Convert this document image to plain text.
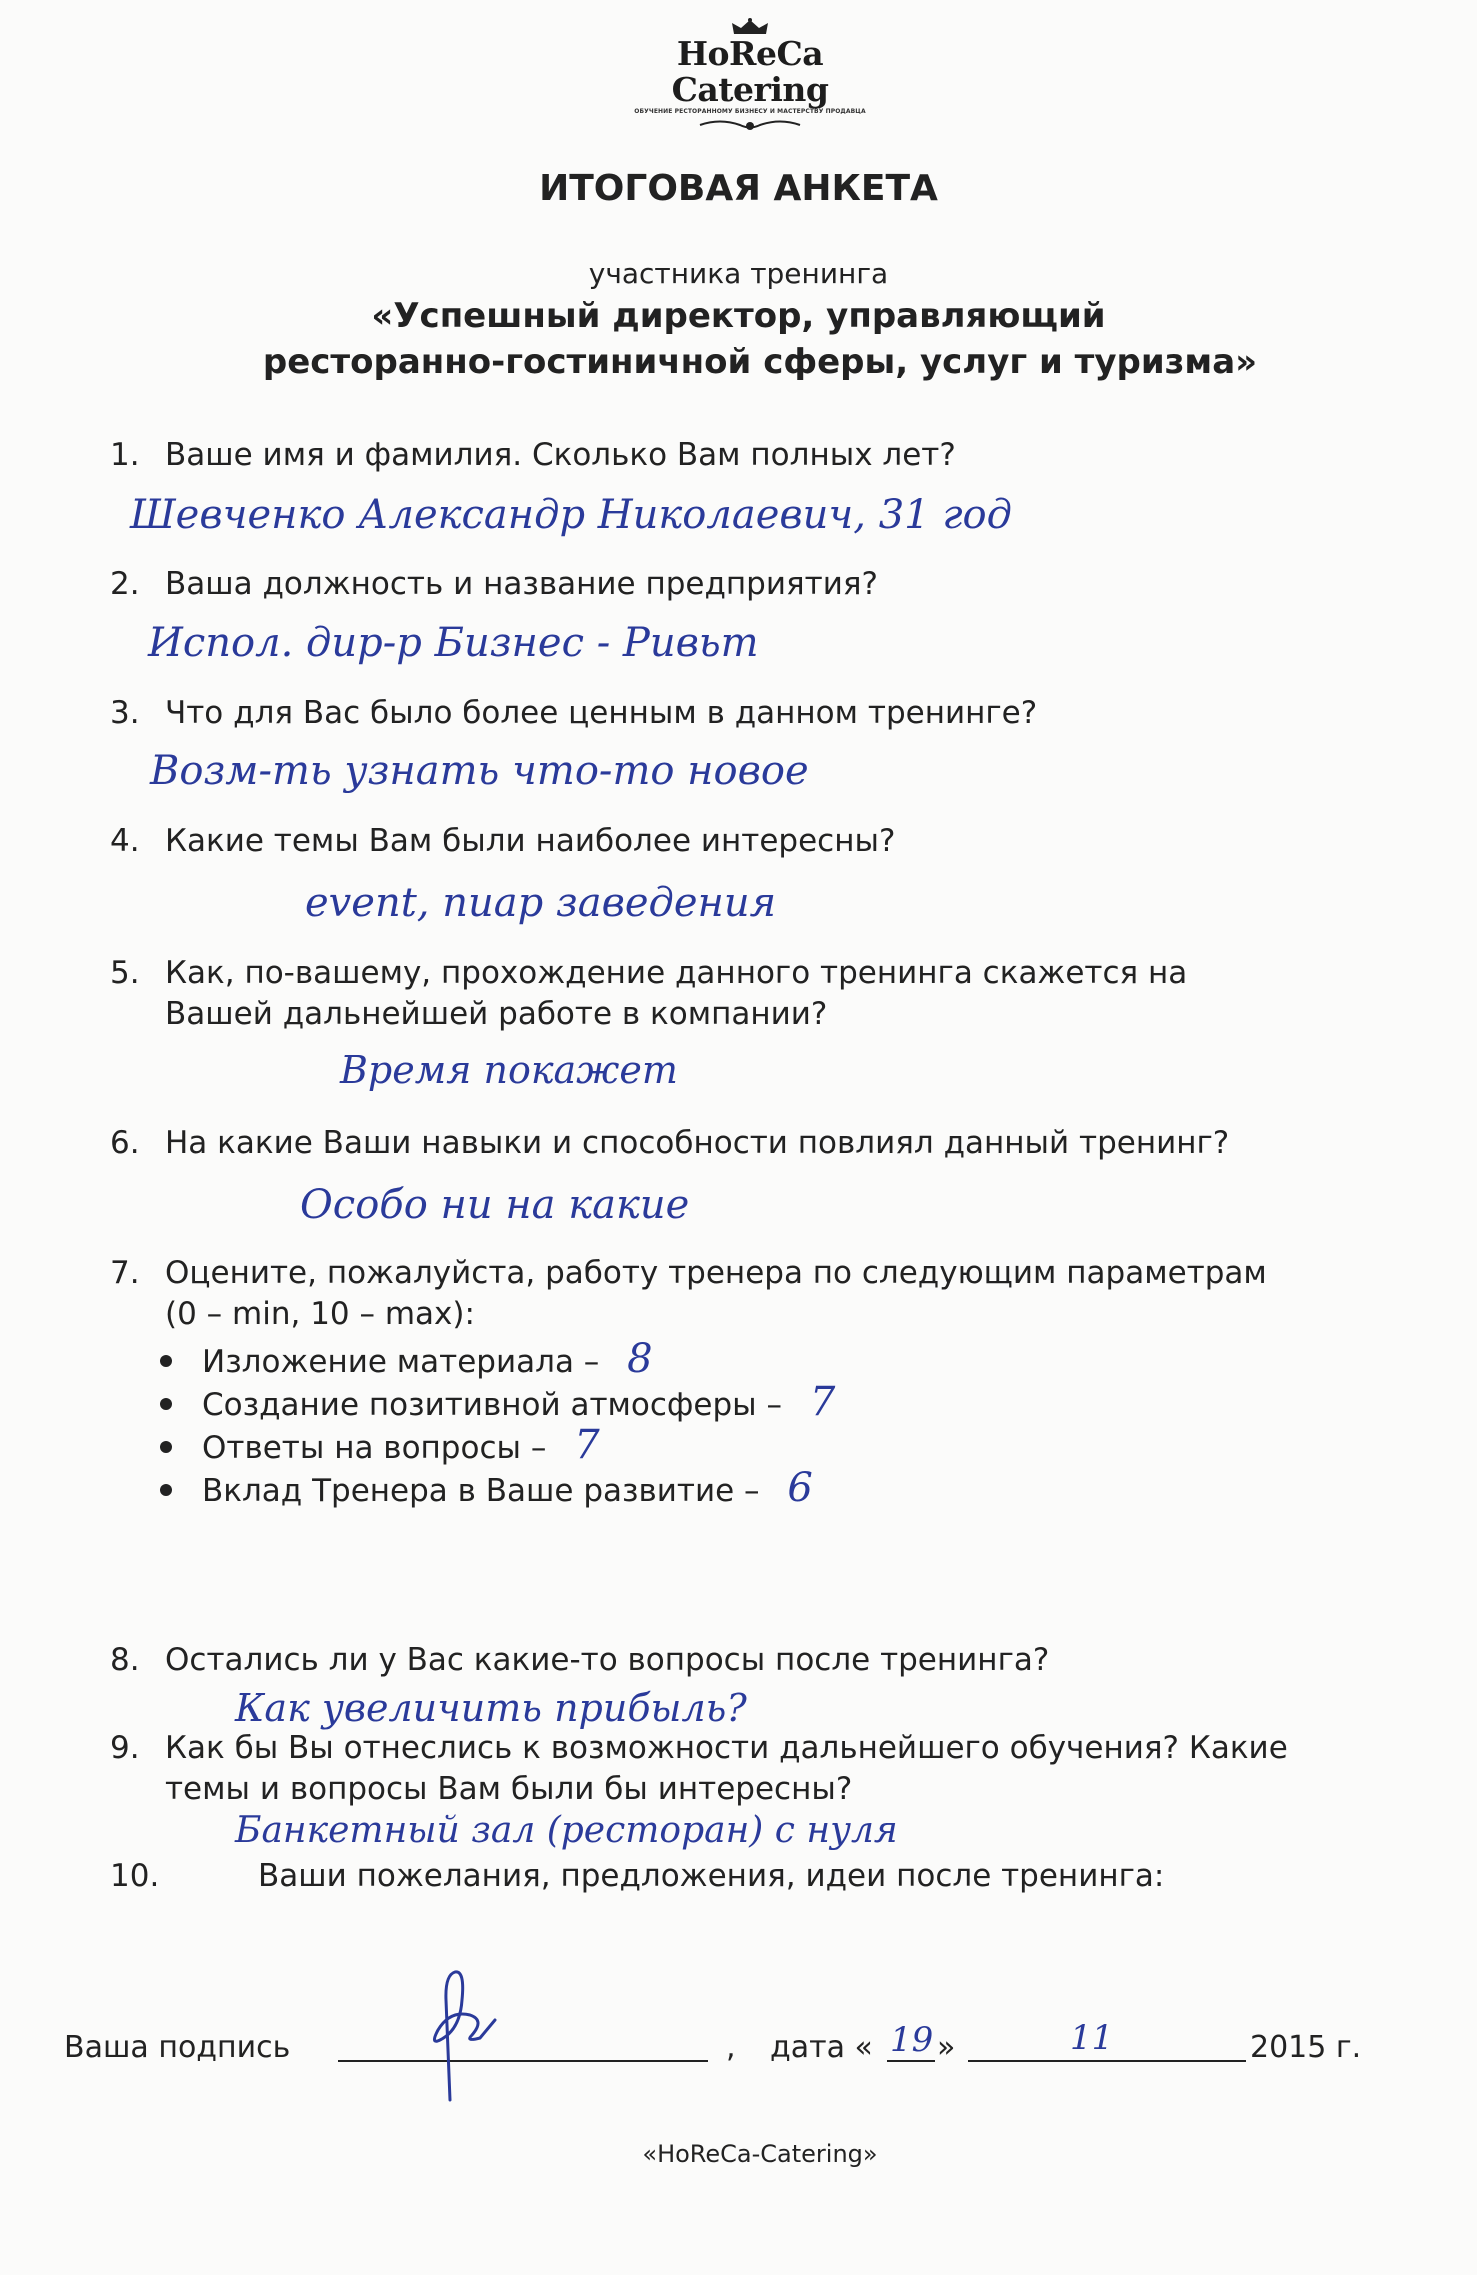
HoReCa Catering
ОБУЧЕНИЕ РЕСТОРАННОМУ БИЗНЕСУ И МАСТЕРСТВУ ПРОДАВЦА
ИТОГОВАЯ АНКЕТА
участника тренинга
«Успешный директор, управляющий
ресторанно-гостиничной сферы, услуг и туризма»
1. Ваше имя и фамилия. Сколько Вам полных лет?
Шевченко Александр Николаевич, 31 год
2. Ваша должность и название предприятия?
Испол. дир-р Бизнес - Ривьт
3. Что для Вас было более ценным в данном тренинге?
Возм-ть узнать что-то новое
4. Какие темы Вам были наиболее интересны?
event, пиар заведения
5. Как, по-вашему, прохождение данного тренинга скажется на
Вашей дальнейшей работе в компании?
Время покажет
6. На какие Ваши навыки и способности повлиял данный тренинг?
Особо ни на какие
7. Оцените, пожалуйста, работу тренера по следующим параметрам
(0 – min, 10 – max):
Изложение материала – 8
Создание позитивной атмосферы – 7
Ответы на вопросы – 7
Вклад Тренера в Ваше развитие – 6
8. Остались ли у Вас какие-то вопросы после тренинга?
Как увеличить прибыль?
9. Как бы Вы отнеслись к возможности дальнейшего обучения? Какие
темы и вопросы Вам были бы интересны?
Банкетный зал (ресторан) с нуля
10.	Ваши пожелания, предложения, идеи после тренинга:
Ваша подпись	, дата « 19 »	11	2015 г.
«HoReCa-Catering»
